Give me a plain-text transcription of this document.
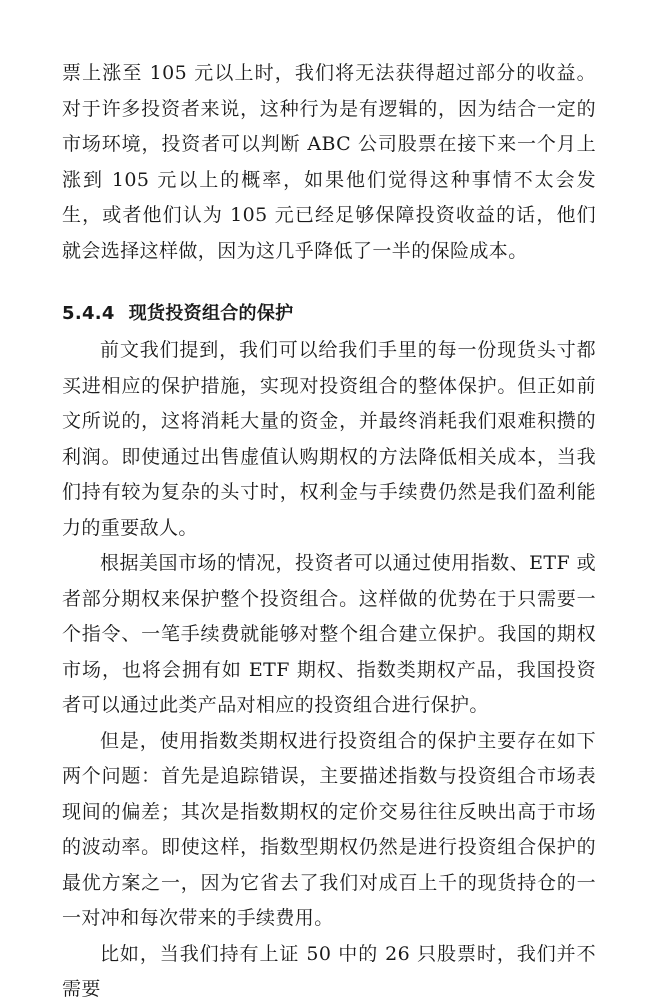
票上涨至 105 元以上时，我们将无法获得超过部分的收益。对于许多投资者来说，这种行为是有逻辑的，因为结合一定的市场环境，投资者可以判断 ABC 公司股票在接下来一个月上涨到 105 元以上的概率，如果他们觉得这种事情不太会发生，或者他们认为 105 元已经足够保障投资收益的话，他们就会选择这样做，因为这几乎降低了一半的保险成本。

5.4.4 现货投资组合的保护

前文我们提到，我们可以给我们手里的每一份现货头寸都买进相应的保护措施，实现对投资组合的整体保护。但正如前文所说的，这将消耗大量的资金，并最终消耗我们艰难积攒的利润。即使通过出售虚值认购期权的方法降低相关成本，当我们持有较为复杂的头寸时，权利金与手续费仍然是我们盈利能力的重要敌人。

根据美国市场的情况，投资者可以通过使用指数、ETF 或者部分期权来保护整个投资组合。这样做的优势在于只需要一个指令、一笔手续费就能够对整个组合建立保护。我国的期权市场，也将会拥有如 ETF 期权、指数类期权产品，我国投资者可以通过此类产品对相应的投资组合进行保护。

但是，使用指数类期权进行投资组合的保护主要存在如下两个问题：首先是追踪错误，主要描述指数与投资组合市场表现间的偏差；其次是指数期权的定价交易往往反映出高于市场的波动率。即使这样，指数型期权仍然是进行投资组合保护的最优方案之一，因为它省去了我们对成百上千的现货持仓的一一对冲和每次带来的手续费用。

比如，当我们持有上证 50 中的 26 只股票时，我们并不需要
